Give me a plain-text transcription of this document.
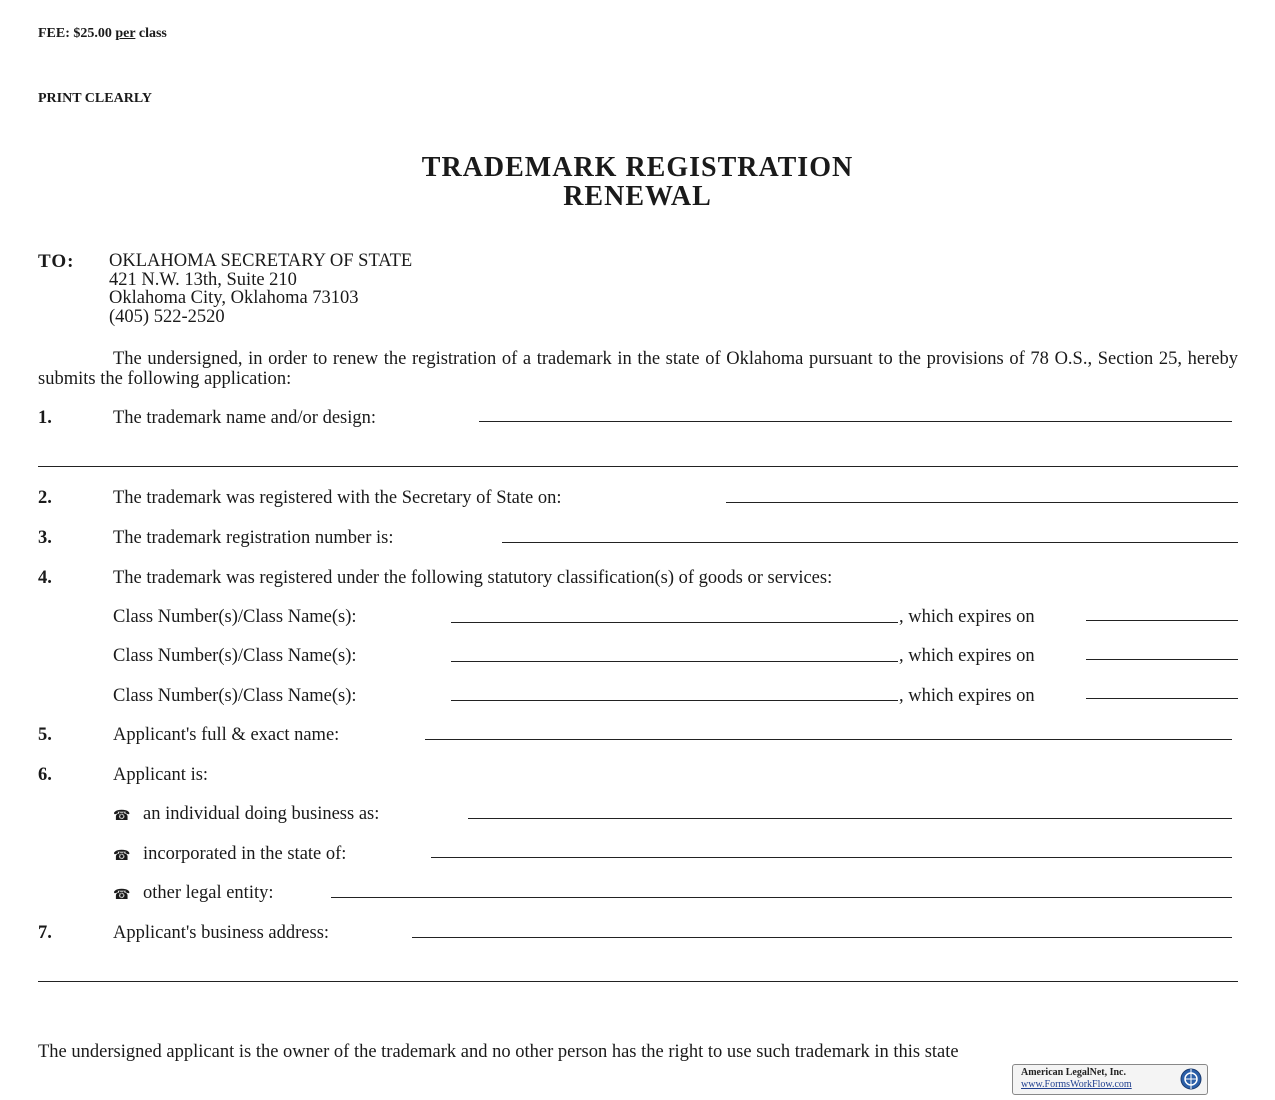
FEE: $25.00 per class
PRINT CLEARLY
TRADEMARK REGISTRATION
RENEWAL
TO: OKLAHOMA SECRETARY OF STATE
421 N.W. 13th, Suite 210
Oklahoma City, Oklahoma 73103
(405) 522-2520
The undersigned, in order to renew the registration of a trademark in the state of Oklahoma pursuant to the provisions of 78 O.S., Section 25, hereby submits the following application:
1.	The trademark name and/or design:
2.	The trademark was registered with the Secretary of State on:
3.	The trademark registration number is:
4.	The trademark was registered under the following statutory classification(s) of goods or services:
Class Number(s)/Class Name(s):	, which expires on
Class Number(s)/Class Name(s):	, which expires on
Class Number(s)/Class Name(s):	, which expires on
5.	Applicant's full & exact name:
6.	Applicant is:
☎ an individual doing business as:
☎ incorporated in the state of:
☎ other legal entity:
7.	Applicant's business address:
The undersigned applicant is the owner of the trademark and no other person has the right to use such trademark in this state
American LegalNet, Inc.
www.FormsWorkFlow.com
